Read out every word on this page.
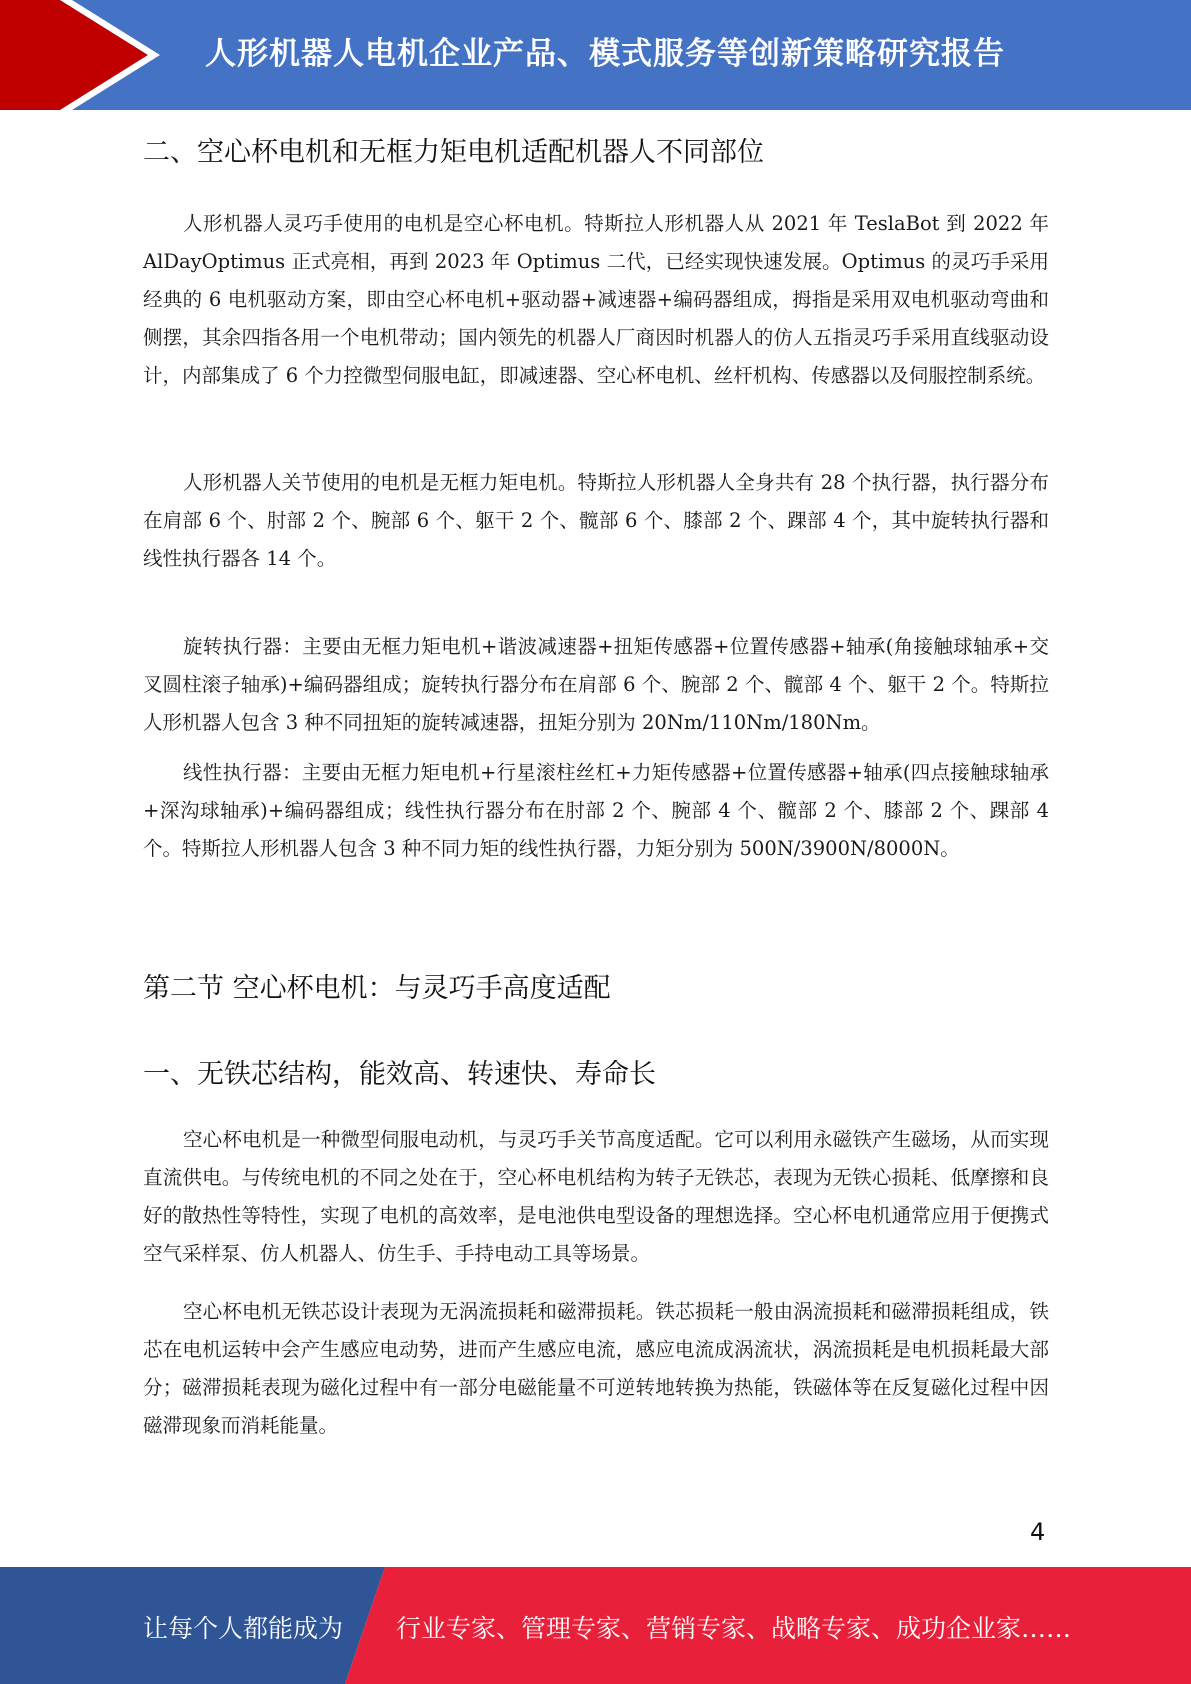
人形机器人电机企业产品、模式服务等创新策略研究报告
二、空心杯电机和无框力矩电机适配机器人不同部位

人形机器人灵巧手使用的电机是空心杯电机。特斯拉人形机器人从 2021 年 TeslaBot 到 2022 年 AlDayOptimus 正式亮相，再到 2023 年 Optimus 二代，已经实现快速发展。Optimus 的灵巧手采用经典的 6 电机驱动方案，即由空心杯电机+驱动器+减速器+编码器组成，拇指是采用双电机驱动弯曲和侧摆，其余四指各用一个电机带动；国内领先的机器人厂商因时机器人的仿人五指灵巧手采用直线驱动设计，内部集成了 6 个力控微型伺服电缸，即减速器、空心杯电机、丝杆机构、传感器以及伺服控制系统。

人形机器人关节使用的电机是无框力矩电机。特斯拉人形机器人全身共有 28 个执行器，执行器分布在肩部 6 个、肘部 2 个、腕部 6 个、躯干 2 个、髋部 6 个、膝部 2 个、踝部 4 个，其中旋转执行器和线性执行器各 14 个。

旋转执行器：主要由无框力矩电机+谐波减速器+扭矩传感器+位置传感器+轴承(角接触球轴承+交叉圆柱滚子轴承)+编码器组成；旋转执行器分布在肩部 6 个、腕部 2 个、髋部 4 个、躯干 2 个。特斯拉人形机器人包含 3 种不同扭矩的旋转减速器，扭矩分别为 20Nm/110Nm/180Nm。

线性执行器：主要由无框力矩电机+行星滚柱丝杠+力矩传感器+位置传感器+轴承(四点接触球轴承+深沟球轴承)+编码器组成；线性执行器分布在肘部 2 个、腕部 4 个、髋部 2 个、膝部 2 个、踝部 4 个。特斯拉人形机器人包含 3 种不同力矩的线性执行器，力矩分别为 500N/3900N/8000N。

第二节 空心杯电机：与灵巧手高度适配
一、无铁芯结构，能效高、转速快、寿命长

空心杯电机是一种微型伺服电动机，与灵巧手关节高度适配。它可以利用永磁铁产生磁场，从而实现直流供电。与传统电机的不同之处在于，空心杯电机结构为转子无铁芯，表现为无铁心损耗、低摩擦和良好的散热性等特性，实现了电机的高效率，是电池供电型设备的理想选择。空心杯电机通常应用于便携式空气采样泵、仿人机器人、仿生手、手持电动工具等场景。

空心杯电机无铁芯设计表现为无涡流损耗和磁滞损耗。铁芯损耗一般由涡流损耗和磁滞损耗组成，铁芯在电机运转中会产生感应电动势，进而产生感应电流，感应电流成涡流状，涡流损耗是电机损耗最大部分；磁滞损耗表现为磁化过程中有一部分电磁能量不可逆转地转换为热能，铁磁体等在反复磁化过程中因磁滞现象而消耗能量。

4
让每个人都能成为 行业专家、管理专家、营销专家、战略专家、成功企业家……
